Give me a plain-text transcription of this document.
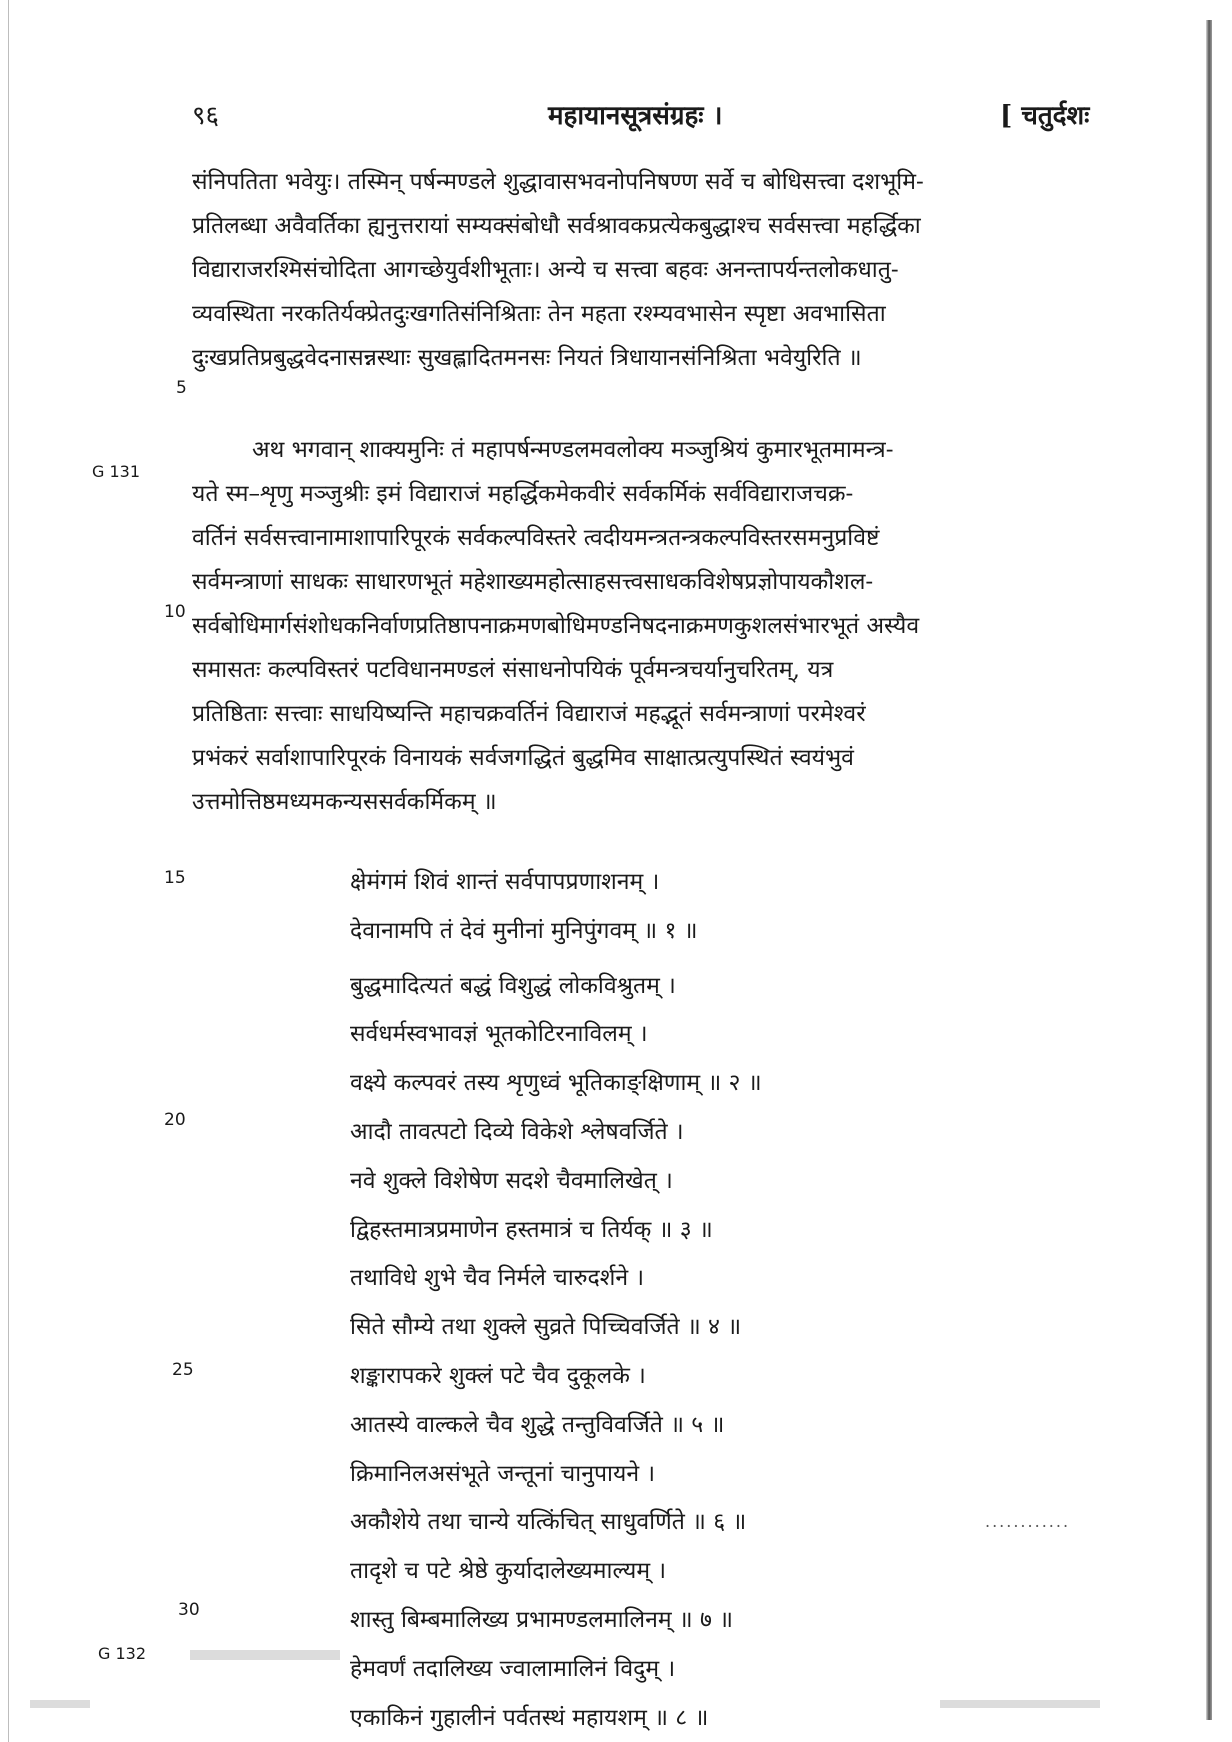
९६	महायानसूत्रसंग्रहः ।	[ चतुर्दशः
G 131
G 132
5
10
15
20
25
30
संनिपतिता भवेयुः। तस्मिन् पर्षन्मण्डले शुद्धावासभवनोपनिषण्ण सर्वे च बोधिसत्त्वा दशभूमि-
प्रतिलब्धा अवैवर्तिका ह्यनुत्तरायां सम्यक्संबोधौ सर्वश्रावकप्रत्येकबुद्धाश्च सर्वसत्त्वा महर्द्धिका
विद्याराजरश्मिसंचोदिता आगच्छेयुर्वशीभूताः। अन्ये च सत्त्वा बहवः अनन्तापर्यन्तलोकधातु-
व्यवस्थिता नरकतिर्यक्प्रेतदुःखगतिसंनिश्रिताः तेन महता रश्म्यवभासेन स्पृष्टा अवभासिता
दुःखप्रतिप्रबुद्धवेदनासन्नस्थाः सुखह्लादितमनसः नियतं त्रिधायानसंनिश्रिता भवेयुरिति ॥
अथ भगवान् शाक्यमुनिः तं महापर्षन्मण्डलमवलोक्य मञ्जुश्रियं कुमारभूतमामन्त्र-
यते स्म–शृणु मञ्जुश्रीः इमं विद्याराजं महर्द्धिकमेकवीरं सर्वकर्मिकं सर्वविद्याराजचक्र-
वर्तिनं सर्वसत्त्वानामाशापारिपूरकं सर्वकल्पविस्तरे त्वदीयमन्त्रतन्त्रकल्पविस्तरसमनुप्रविष्टं
सर्वमन्त्राणां साधकः साधारणभूतं महेशाख्यमहोत्साहसत्त्वसाधकविशेषप्रज्ञोपायकौशल-
सर्वबोधिमार्गसंशोधकनिर्वाणप्रतिष्ठापनाक्रमणबोधिमण्डनिषदनाक्रमणकुशलसंभारभूतं अस्यैव
समासतः कल्पविस्तरं पटविधानमण्डलं संसाधनोपयिकं पूर्वमन्त्रचर्यानुचरितम्, यत्र
प्रतिष्ठिताः सत्त्वाः साधयिष्यन्ति महाचक्रवर्तिनं विद्याराजं महद्भूतं सर्वमन्त्राणां परमेश्वरं
प्रभंकरं सर्वाशापारिपूरकं विनायकं सर्वजगद्धितं बुद्धमिव साक्षात्प्रत्युपस्थितं स्वयंभुवं
उत्तमोत्तिष्ठमध्यमकन्यससर्वकर्मिकम् ॥
क्षेमंगमं शिवं शान्तं सर्वपापप्रणाशनम् ।
देवानामपि तं देवं मुनीनां मुनिपुंगवम् ॥ १ ॥
बुद्धमादित्यतं बद्धं विशुद्धं लोकविश्रुतम् ।
सर्वधर्मस्वभावज्ञं भूतकोटिरनाविलम् ।
वक्ष्ये कल्पवरं तस्य शृणुध्वं भूतिकाङ्क्षिणाम् ॥ २ ॥
आदौ तावत्पटो दिव्ये विकेशे श्लेषवर्जिते ।
नवे शुक्ले विशेषेण सदशे चैवमालिखेत् ।
द्विहस्तमात्रप्रमाणेन हस्तमात्रं च तिर्यक् ॥ ३ ॥
तथाविधे शुभे चैव निर्मले चारुदर्शने ।
सिते सौम्ये तथा शुक्ले सुव्रते पिच्चिवर्जिते ॥ ४ ॥
शङ्कारापकरे शुक्लं पटे चैव दुकूलके ।
आतस्ये वाल्कले चैव शुद्धे तन्तुविवर्जिते ॥ ५ ॥
क्रिमानिलअसंभूते जन्तूनां चानुपायने ।
अकौशेये तथा चान्ये यत्किंचित् साधुवर्णिते ॥ ६ ॥
तादृशे च पटे श्रेष्ठे कुर्यादालेख्यमाल्यम् ।
शास्तु बिम्बमालिख्य प्रभामण्डलमालिनम् ॥ ७ ॥
हेमवर्णं तदालिख्य ज्वालामालिनं विदुम् ।
एकाकिनं गुहालीनं पर्वतस्थं महायशम् ॥ ८ ॥
............
